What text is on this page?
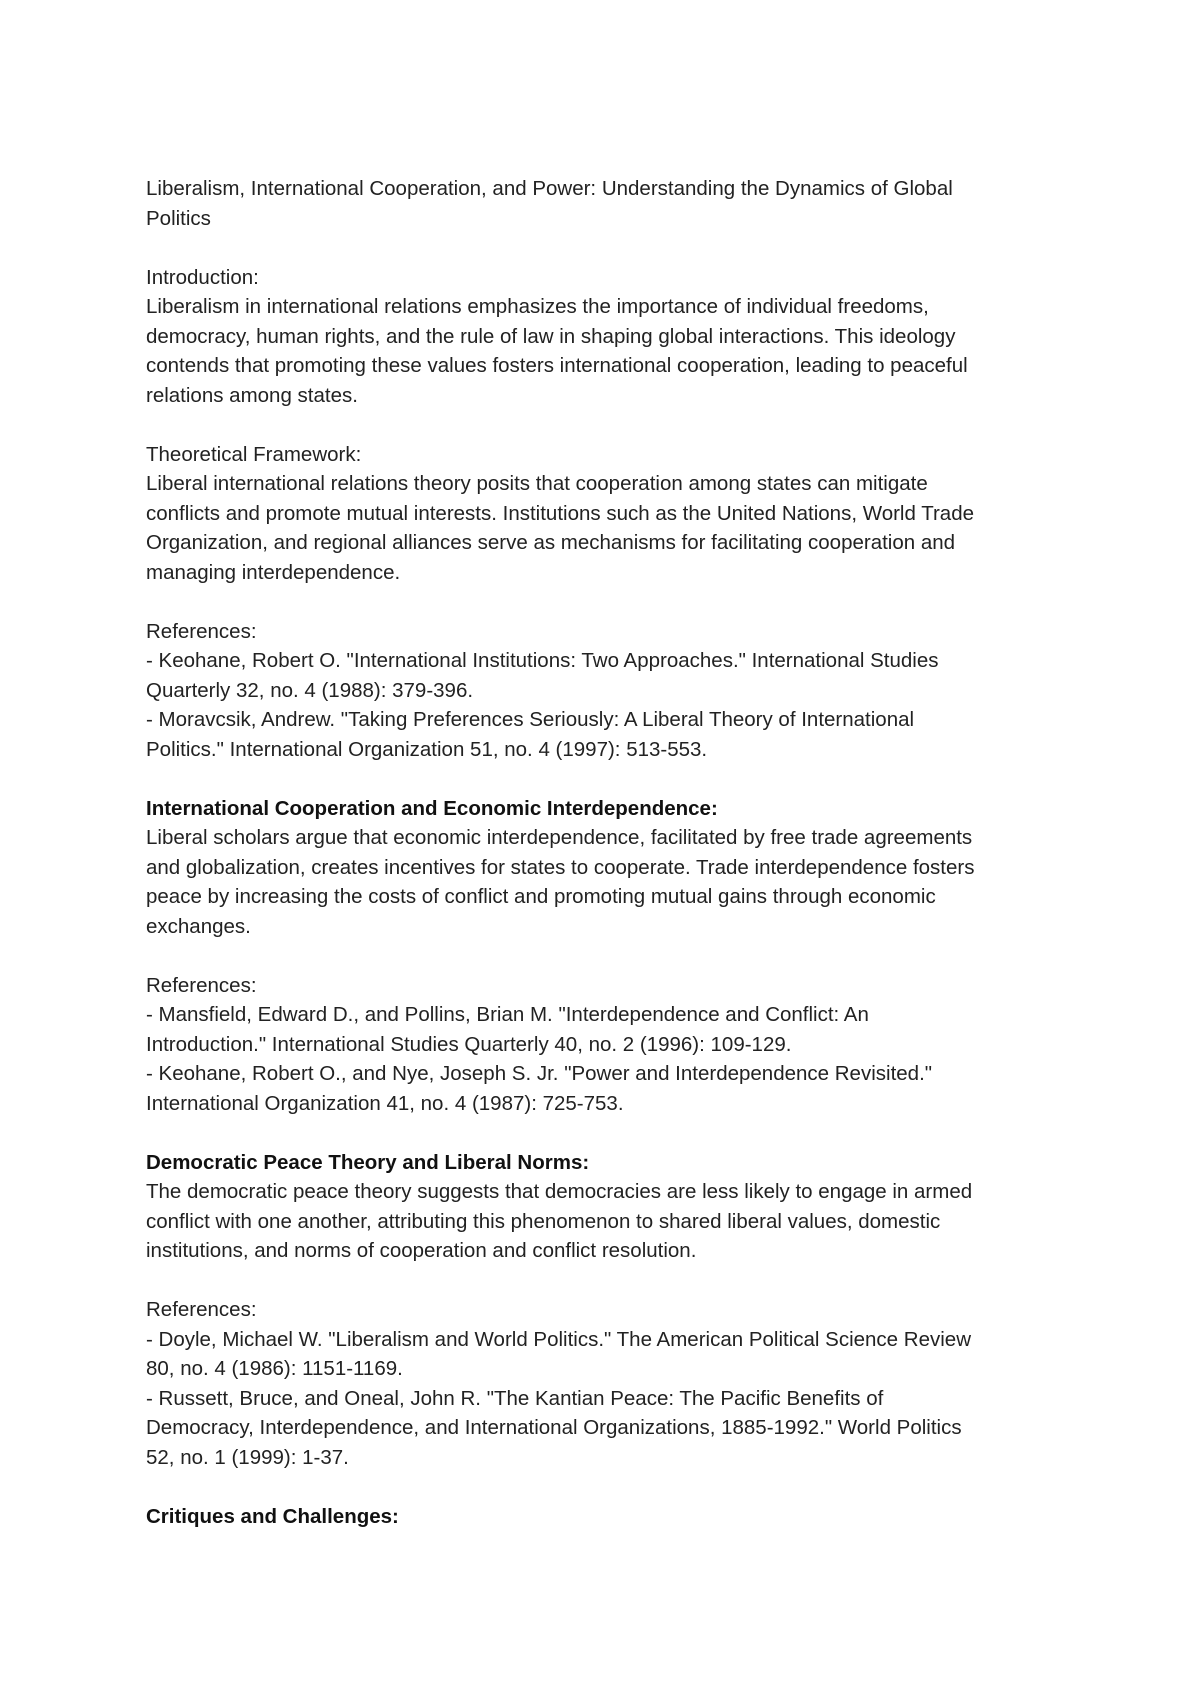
Liberalism, International Cooperation, and Power: Understanding the Dynamics of Global
Politics
Introduction:
Liberalism in international relations emphasizes the importance of individual freedoms,
democracy, human rights, and the rule of law in shaping global interactions. This ideology
contends that promoting these values fosters international cooperation, leading to peaceful
relations among states.
Theoretical Framework:
Liberal international relations theory posits that cooperation among states can mitigate
conflicts and promote mutual interests. Institutions such as the United Nations, World Trade
Organization, and regional alliances serve as mechanisms for facilitating cooperation and
managing interdependence.
References:
- Keohane, Robert O. "International Institutions: Two Approaches." International Studies
Quarterly 32, no. 4 (1988): 379-396.
- Moravcsik, Andrew. "Taking Preferences Seriously: A Liberal Theory of International
Politics." International Organization 51, no. 4 (1997): 513-553.
International Cooperation and Economic Interdependence:
Liberal scholars argue that economic interdependence, facilitated by free trade agreements
and globalization, creates incentives for states to cooperate. Trade interdependence fosters
peace by increasing the costs of conflict and promoting mutual gains through economic
exchanges.
References:
- Mansfield, Edward D., and Pollins, Brian M. "Interdependence and Conflict: An
Introduction." International Studies Quarterly 40, no. 2 (1996): 109-129.
- Keohane, Robert O., and Nye, Joseph S. Jr. "Power and Interdependence Revisited."
International Organization 41, no. 4 (1987): 725-753.
Democratic Peace Theory and Liberal Norms:
The democratic peace theory suggests that democracies are less likely to engage in armed
conflict with one another, attributing this phenomenon to shared liberal values, domestic
institutions, and norms of cooperation and conflict resolution.
References:
- Doyle, Michael W. "Liberalism and World Politics." The American Political Science Review
80, no. 4 (1986): 1151-1169.
- Russett, Bruce, and Oneal, John R. "The Kantian Peace: The Pacific Benefits of
Democracy, Interdependence, and International Organizations, 1885-1992." World Politics
52, no. 1 (1999): 1-37.
Critiques and Challenges:
